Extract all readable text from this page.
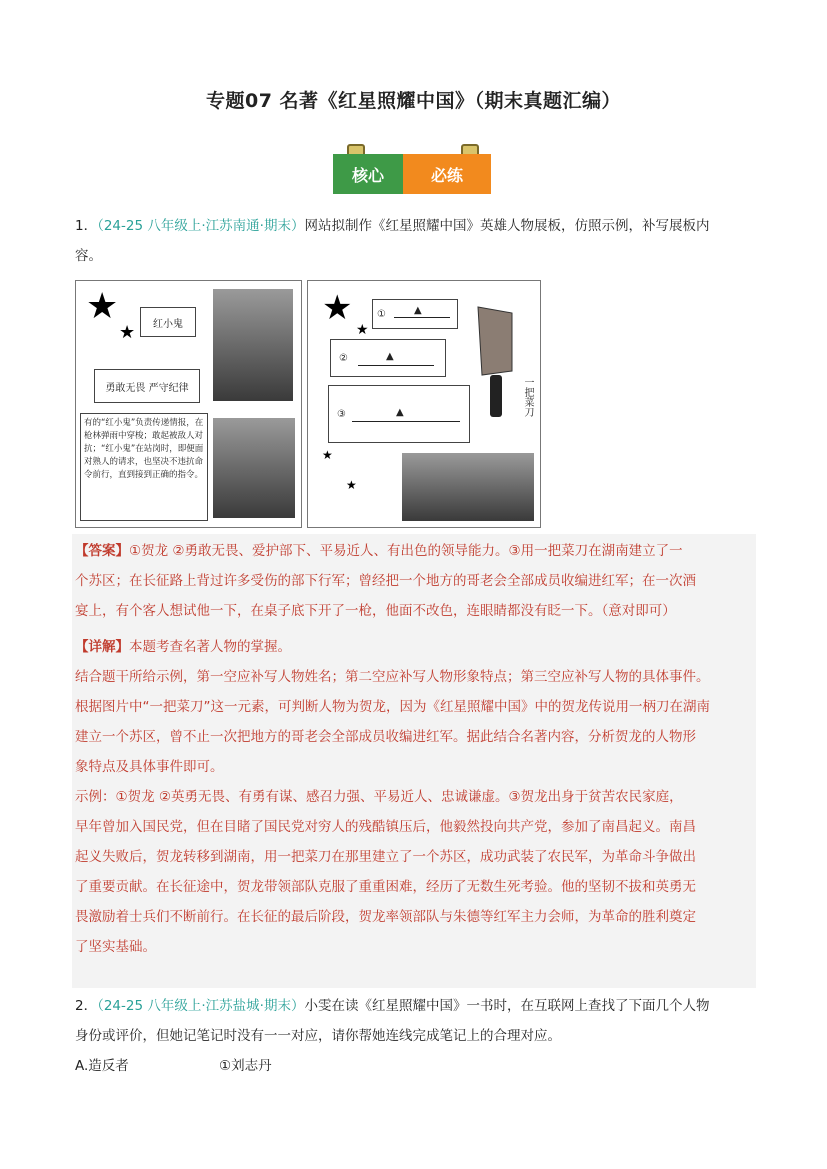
专题07 名著《红星照耀中国》（期末真题汇编）
核心	必练
1．（24-25 八年级上·江苏南通·期末）网站拟制作《红星照耀中国》英雄人物展板，仿照示例，补写展板内
容。
★
★	红小鬼
勇敢无畏 严守纪律
有的“红小鬼”负责传递情报，在枪林弹雨中穿梭；敢起被敌人对抗；“红小鬼”在站岗时，即便面对熟人的请求，也坚决不违抗命令前行，直到接到正确的指令。
★
★
①	▲
②	▲
③	▲	一把菜刀
★
★
【答案】①贺龙 ②勇敢无畏、爱护部下、平易近人、有出色的领导能力。③用一把菜刀在湖南建立了一
个苏区；在长征路上背过许多受伤的部下行军；曾经把一个地方的哥老会全部成员收编进红军；在一次酒
宴上，有个客人想试他一下，在桌子底下开了一枪，他面不改色，连眼睛都没有眨一下。（意对即可）
【详解】本题考查名著人物的掌握。
结合题干所给示例，第一空应补写人物姓名；第二空应补写人物形象特点；第三空应补写人物的具体事件。
根据图片中“一把菜刀”这一元素，可判断人物为贺龙，因为《红星照耀中国》中的贺龙传说用一柄刀在湖南
建立一个苏区，曾不止一次把地方的哥老会全部成员收编进红军。据此结合名著内容，分析贺龙的人物形
象特点及具体事件即可。
示例：①贺龙 ②英勇无畏、有勇有谋、感召力强、平易近人、忠诚谦虚。③贺龙出身于贫苦农民家庭，
早年曾加入国民党，但在目睹了国民党对穷人的残酷镇压后，他毅然投向共产党，参加了南昌起义。南昌
起义失败后，贺龙转移到湖南，用一把菜刀在那里建立了一个苏区，成功武装了农民军，为革命斗争做出
了重要贡献。在长征途中，贺龙带领部队克服了重重困难，经历了无数生死考验。他的坚韧不拔和英勇无
畏激励着士兵们不断前行。在长征的最后阶段，贺龙率领部队与朱德等红军主力会师，为革命的胜利奠定
了坚实基础。
2．（24-25 八年级上·江苏盐城·期末）小雯在读《红星照耀中国》一书时，在互联网上查找了下面几个人物
身份或评价，但她记笔记时没有一一对应，请你帮她连线完成笔记上的合理对应。
A.造反者	①刘志丹
